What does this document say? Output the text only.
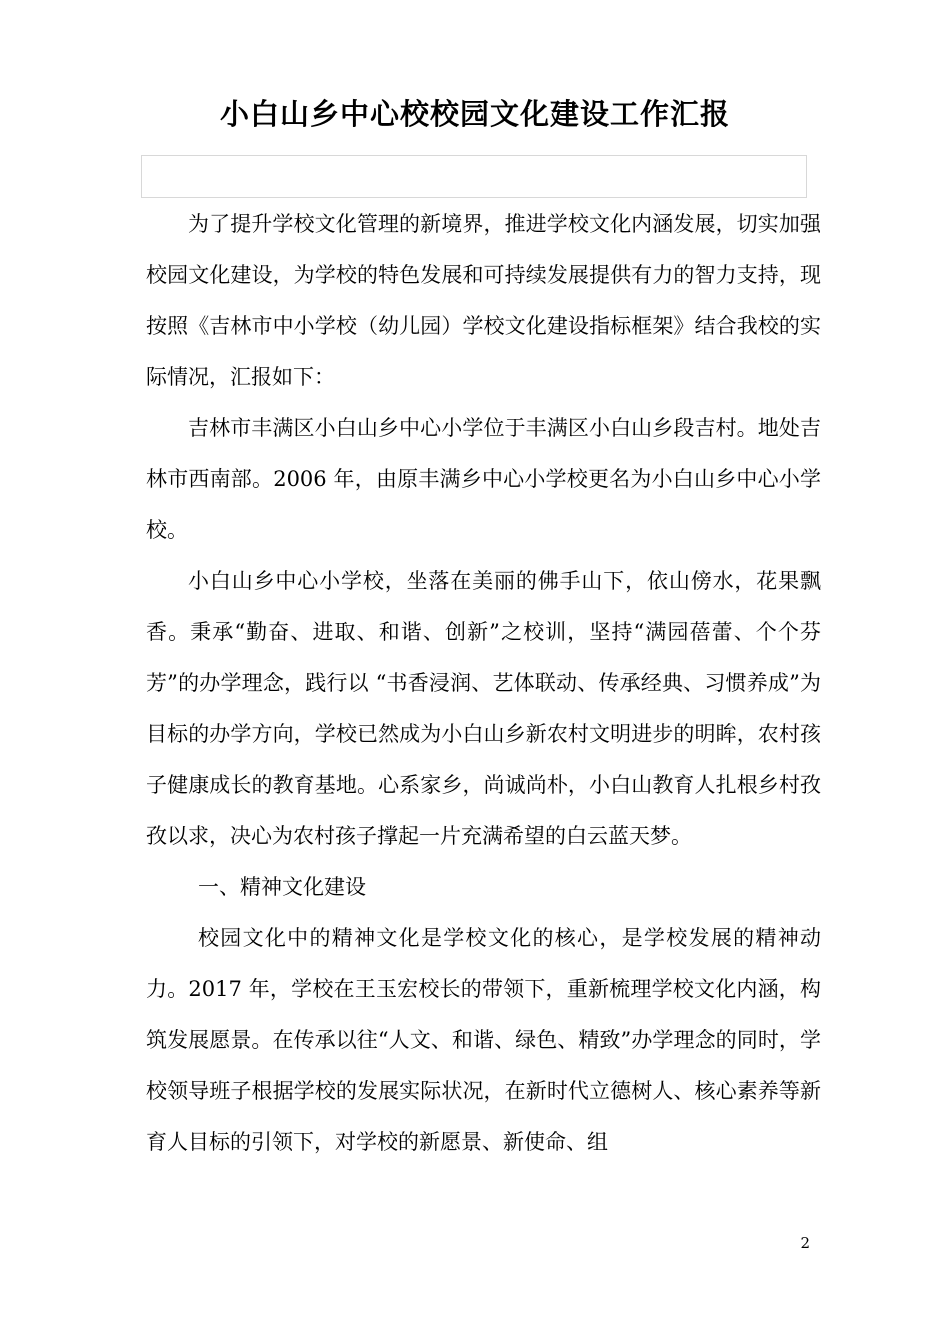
小白山乡中心校校园文化建设工作汇报

为了提升学校文化管理的新境界，推进学校文化内涵发展，切实加强校园文化建设，为学校的特色发展和可持续发展提供有力的智力支持，现按照《吉林市中小学校（幼儿园）学校文化建设指标框架》结合我校的实际情况，汇报如下：

吉林市丰满区小白山乡中心小学位于丰满区小白山乡段吉村。地处吉林市西南部。2006 年，由原丰满乡中心小学校更名为小白山乡中心小学校。

小白山乡中心小学校，坐落在美丽的佛手山下，依山傍水，花果飘香。秉承“勤奋、进取、和谐、创新”之校训，坚持“满园蓓蕾、个个芬芳”的办学理念，践行以 “书香浸润、艺体联动、传承经典、习惯养成”为目标的办学方向，学校已然成为小白山乡新农村文明进步的明眸，农村孩子健康成长的教育基地。心系家乡，尚诚尚朴，小白山教育人扎根乡村孜孜以求，决心为农村孩子撑起一片充满希望的白云蓝天梦。

一、精神文化建设

校园文化中的精神文化是学校文化的核心，是学校发展的精神动力。2017 年，学校在王玉宏校长的带领下，重新梳理学校文化内涵，构筑发展愿景。在传承以往“人文、和谐、绿色、精致”办学理念的同时，学校领导班子根据学校的发展实际状况，在新时代立德树人、核心素养等新育人目标的引领下，对学校的新愿景、新使命、组

2
